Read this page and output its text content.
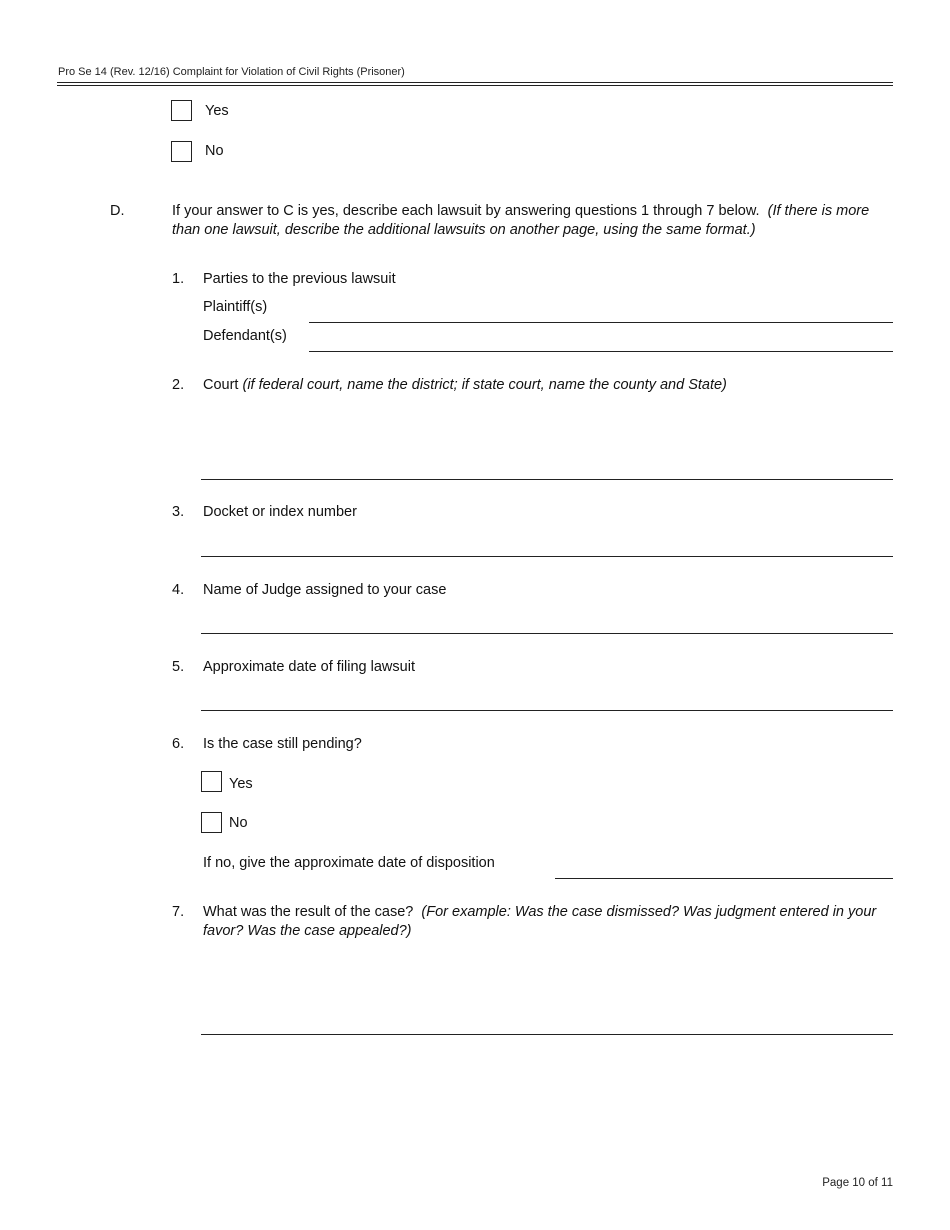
Pro Se 14 (Rev. 12/16) Complaint for Violation of Civil Rights (Prisoner)
Yes
No
D.	If your answer to C is yes, describe each lawsuit by answering questions 1 through 7 below. (If there is more than one lawsuit, describe the additional lawsuits on another page, using the same format.)
1. Parties to the previous lawsuit
Plaintiff(s)
Defendant(s)
2. Court (if federal court, name the district; if state court, name the county and State)
3. Docket or index number
4. Name of Judge assigned to your case
5. Approximate date of filing lawsuit
6. Is the case still pending?
Yes
No
If no, give the approximate date of disposition
7. What was the result of the case? (For example: Was the case dismissed? Was judgment entered in your favor? Was the case appealed?)
Page 10 of 11
